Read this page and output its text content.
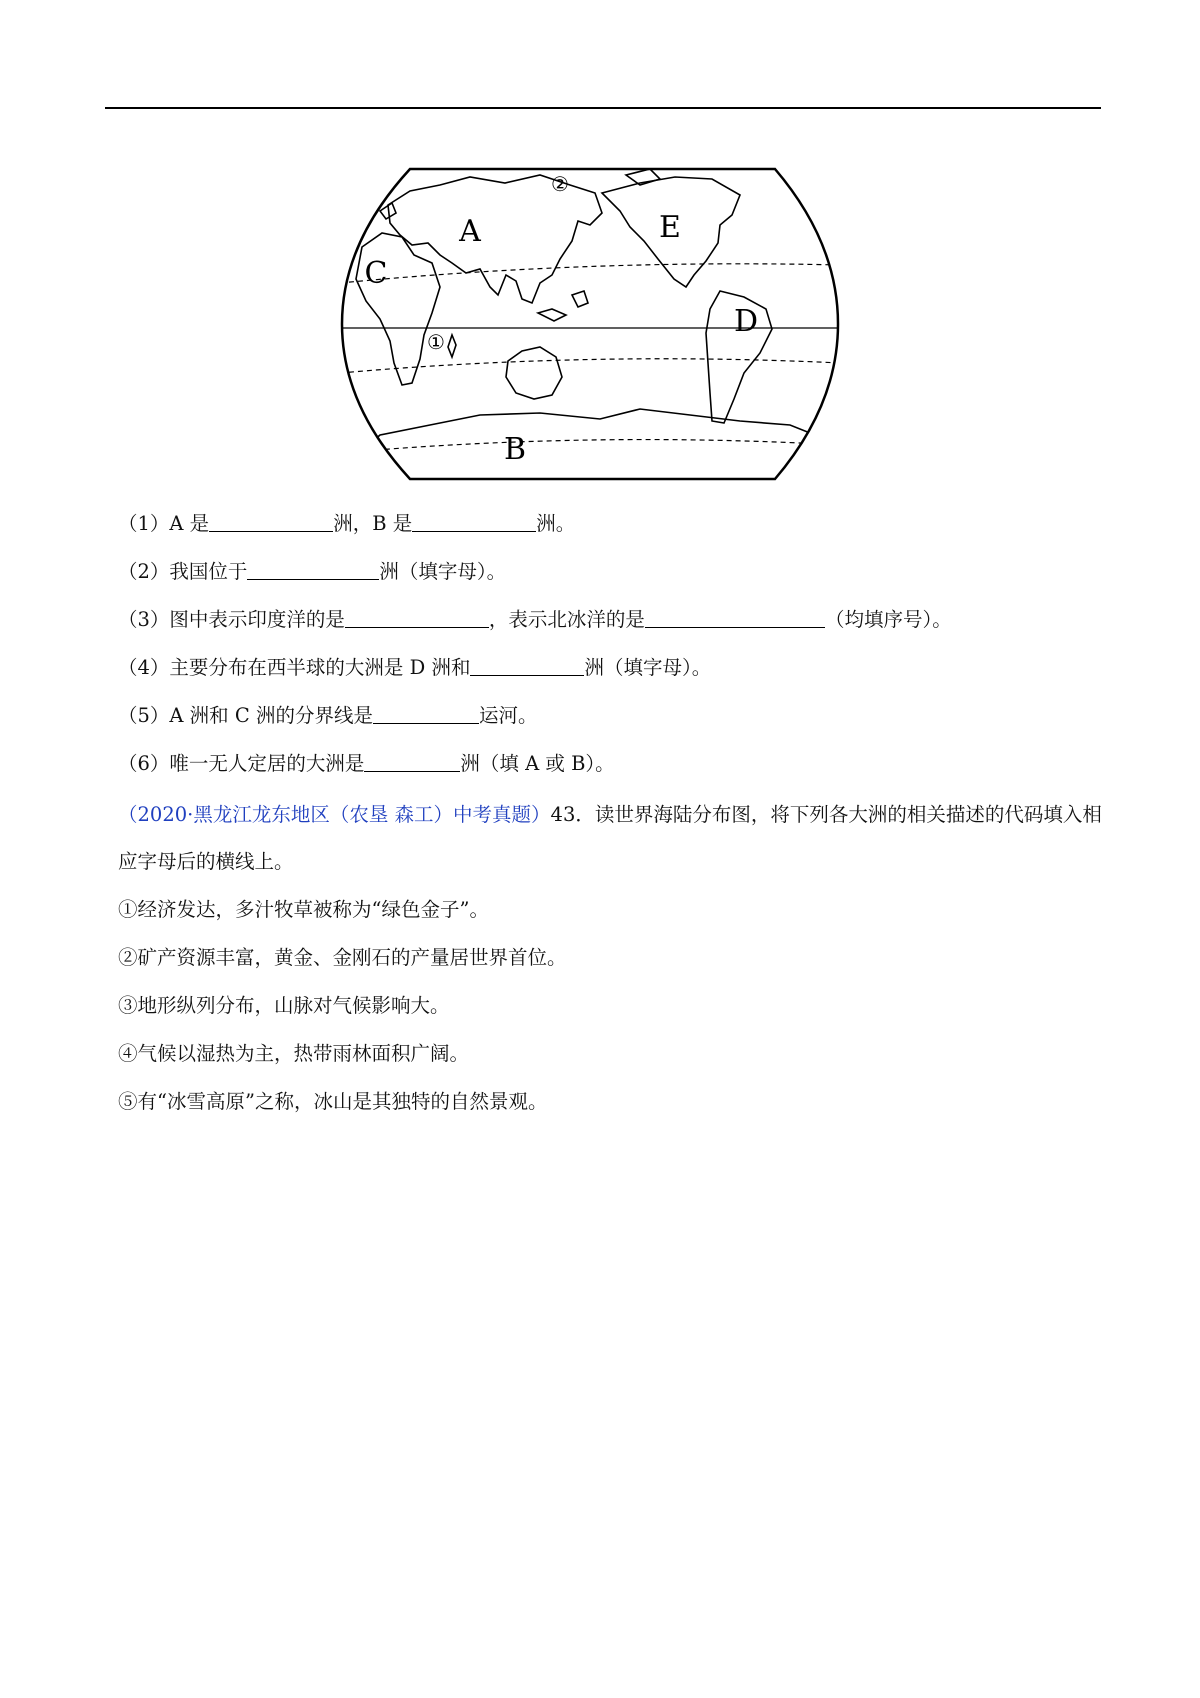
A
C
E
D
B
①
②
（1）A 是	洲，B 是	洲。
（2）我国位于	洲（填字母）。
（3）图中表示印度洋的是	，表示北冰洋的是	（均填序号）。
（4）主要分布在西半球的大洲是 D 洲和	洲（填字母）。
（5）A 洲和 C 洲的分界线是	运河。
（6）唯一无人定居的大洲是	洲（填 A 或 B）。
（2020·黑龙江龙东地区（农垦 森工）中考真题）43．读世界海陆分布图，将下列各大洲的相关描述的代码填入相应字母后的横线上。
①经济发达，多汁牧草被称为“绿色金子”。
②矿产资源丰富，黄金、金刚石的产量居世界首位。
③地形纵列分布，山脉对气候影响大。
④气候以湿热为主，热带雨林面积广阔。
⑤有“冰雪高原”之称，冰山是其独特的自然景观。
